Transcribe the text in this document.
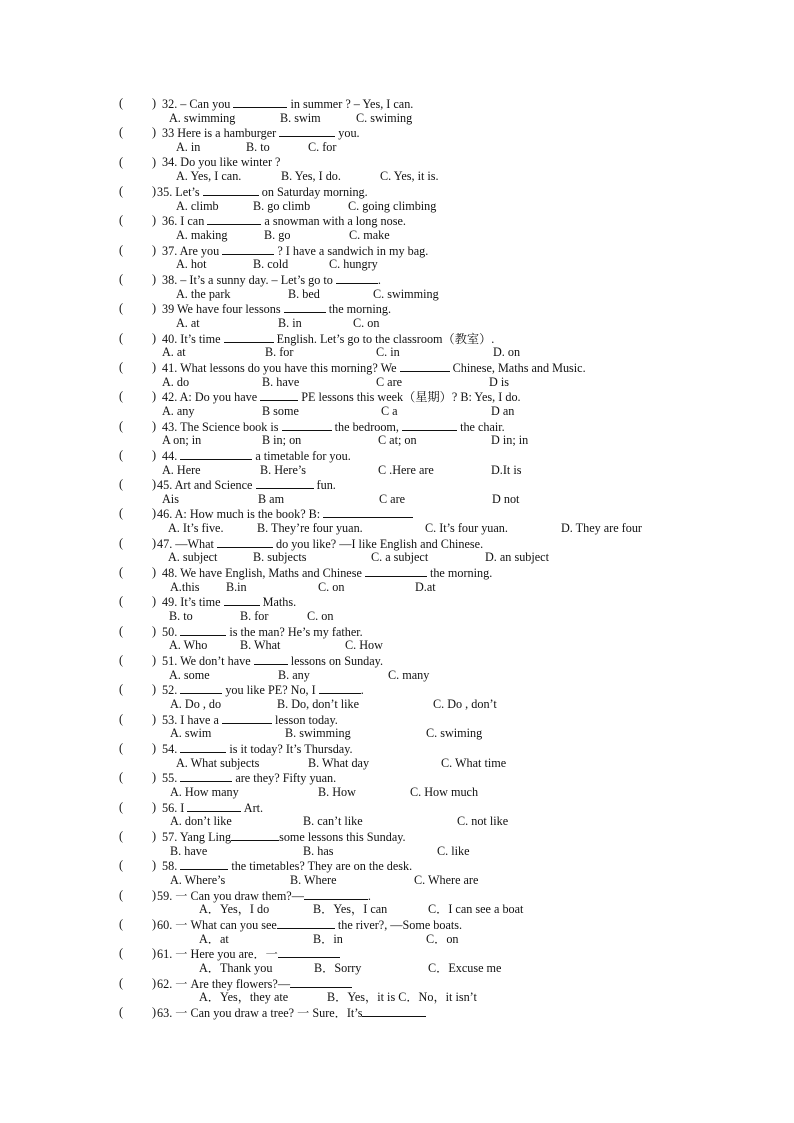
( ) 32. – Can you	in summer ? – Yes, I can.
A. swimming	B. swim	C. swiming
( ) 33 Here is a hamburger	you.
A. in	B. to	C. for
( ) 34. Do you like winter ?
A. Yes, I can.	B. Yes, I do.	C. Yes, it is.
( ) 35. Let’s	on Saturday morning.
A. climb	B. go climb	C. going climbing
( ) 36. I can	a snowman with a long nose.
A. making	B. go	C. make
( ) 37. Are you	? I have a sandwich in my bag.
A. hot	B. cold	C. hungry
( ) 38. – It’s a sunny day. – Let’s go to	.
A. the park	B. bed	C. swimming
( ) 39 We have four lessons	the morning.
A. at	B. in	C. on
( ) 40. It’s time	English. Let’s go to the classroom（教室）.
A. at	B. for	C. in	D. on
( ) 41. What lessons do you have this morning? We	Chinese, Maths and Music.
A. do	B. have	C are	D is
( ) 42. A: Do you have	PE lessons this week（星期）? B: Yes, I do.
A. any	B some	C a	D an
( ) 43. The Science book is	the bedroom,	the chair.
A on; in	B in; on	C at; on	D in; in
( ) 44.	a timetable for you.
A. Here	B. Here’s	C .Here are	D.It is
( ) 45. Art and Science	fun.
Ais	B am	C are	D not
( ) 46. A: How much is the book? B:
A. It’s five.	B. They’re four yuan.	C. It’s four yuan.	D. They are four
( ) 47. —What	do you like? —I like English and Chinese.
A. subject	B. subjects	C. a subject	D. an subject
( ) 48. We have English, Maths and Chinese	the morning.
A.this B.in	C. on	D.at
( ) 49. It’s time	Maths.
B. to	B. for	C. on
( ) 50.	is the man? He’s my father.
A. Who	B. What	C. How
( ) 51. We don’t have	lessons on Sunday.
A. some	B. any	C. many
( ) 52.	you like PE? No, I	.
A. Do , do	B. Do, don’t like	C. Do , don’t
( ) 53. I have a	lesson today.
A. swim	B. swimming	C. swiming
( ) 54.	is it today? It’s Thursday.
A. What subjects	B. What day	C. What time
( ) 55.	are they? Fifty yuan.
A. How many	B. How	C. How much
( ) 56. I	Art.
A. don’t like	B. can’t like	C. not like
( ) 57. Yang Ling	some lessons this Sunday.
B. have	B. has	C. like
( ) 58.	the timetables? They are on the desk.
A. Where’s	B. Where	C. Where are
( ) 59. 一 Can you draw them?—	.
A．Yes，I do	B．Yes，I can	C．I can see a boat
( ) 60. 一 What can you see	the river?, —Some boats.
A．at	B．in	C．on
( ) 61. 一 Here you are．一
A．Thank you	B．Sorry	C．Excuse me
( ) 62. 一 Are they flowers?—
A．Yes，they ate	B．Yes，it is C．No，it isn’t
( ) 63. 一 Can you draw a tree? 一 Sure．It’s
